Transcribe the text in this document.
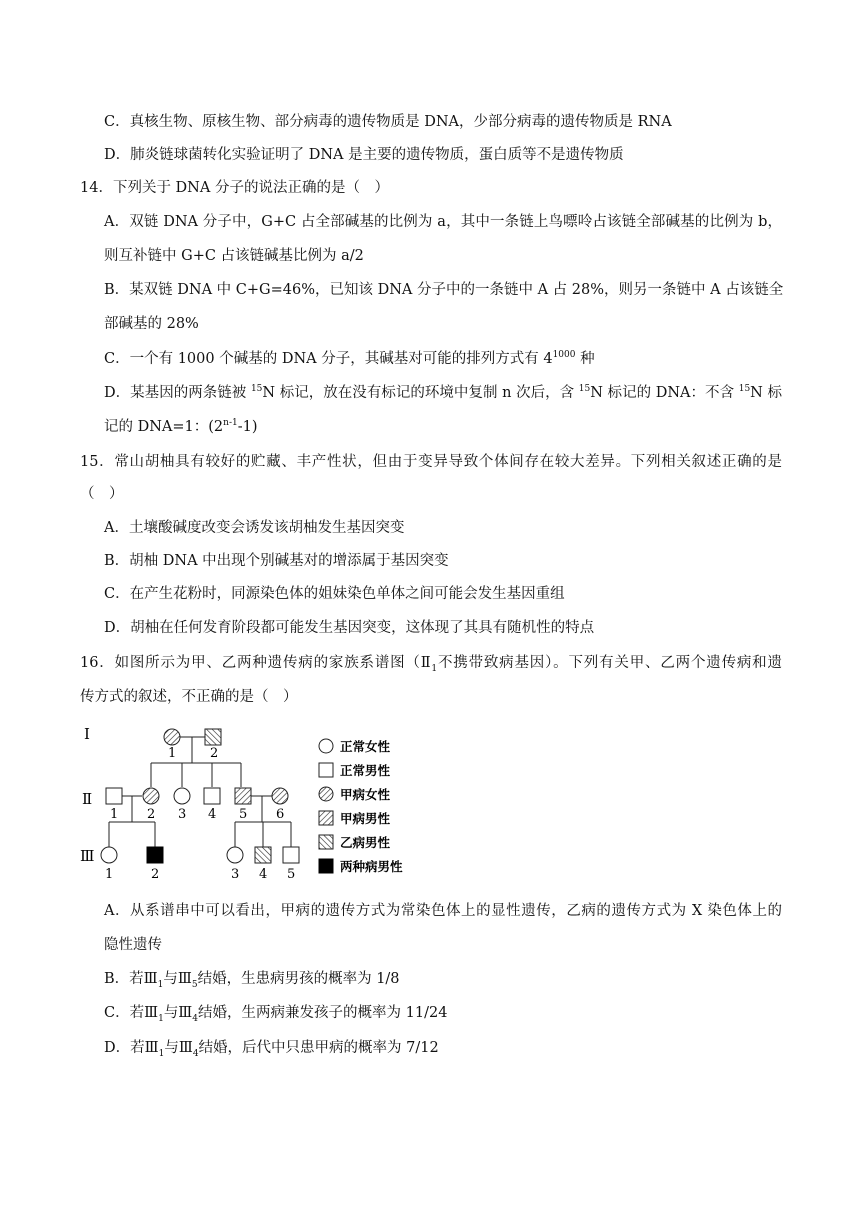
C．真核生物、原核生物、部分病毒的遗传物质是 DNA，少部分病毒的遗传物质是 RNA
D．肺炎链球菌转化实验证明了 DNA 是主要的遗传物质，蛋白质等不是遗传物质
14．下列关于 DNA 分子的说法正确的是（　）
A．双链 DNA 分子中，G+C 占全部碱基的比例为 a，其中一条链上鸟嘌呤占该链全部碱基的比例为 b，
则互补链中 G+C 占该链碱基比例为 a/2
B．某双链 DNA 中 C+G=46%，已知该 DNA 分子中的一条链中 A 占 28%，则另一条链中 A 占该链全
部碱基的 28%
C．一个有 1000 个碱基的 DNA 分子，其碱基对可能的排列方式有 $4^{1000}$ 种
D．某基因的两条链被 $^{15}$N 标记，放在没有标记的环境中复制 n 次后，含 $^{15}$N 标记的 DNA：不含 $^{15}$N 标
记的 DNA=1：(2$^{n-1}$-1)
15．常山胡柚具有较好的贮藏、丰产性状，但由于变异导致个体间存在较大差异。下列相关叙述正确的是
（　）
A．土壤酸碱度改变会诱发该胡柚发生基因突变
B．胡柚 DNA 中出现个别碱基对的增添属于基因突变
C．在产生花粉时，同源染色体的姐妹染色单体之间可能会发生基因重组
D．胡柚在任何发育阶段都可能发生基因突变，这体现了其具有随机性的特点
16．如图所示为甲、乙两种遗传病的家族系谱图（$Ⅱ_1$不携带致病基因）。下列有关甲、乙两个遗传病和遗
传方式的叙述，不正确的是（　）
Ⅰ
Ⅱ
Ⅲ
1	2
1 2 3 4 5 6
1	2	3 4 5
正常女性
正常男性
甲病女性
甲病男性
乙病男性
两种病男性
A．从系谱串中可以看出，甲病的遗传方式为常染色体上的显性遗传，乙病的遗传方式为 X 染色体上的
隐性遗传
B．若$Ⅲ_1$与$Ⅲ_5$结婚，生患病男孩的概率为 1/8
C．若$Ⅲ_1$与$Ⅲ_4$结婚，生两病兼发孩子的概率为 11/24
D．若$Ⅲ_1$与$Ⅲ_4$结婚，后代中只患甲病的概率为 7/12
